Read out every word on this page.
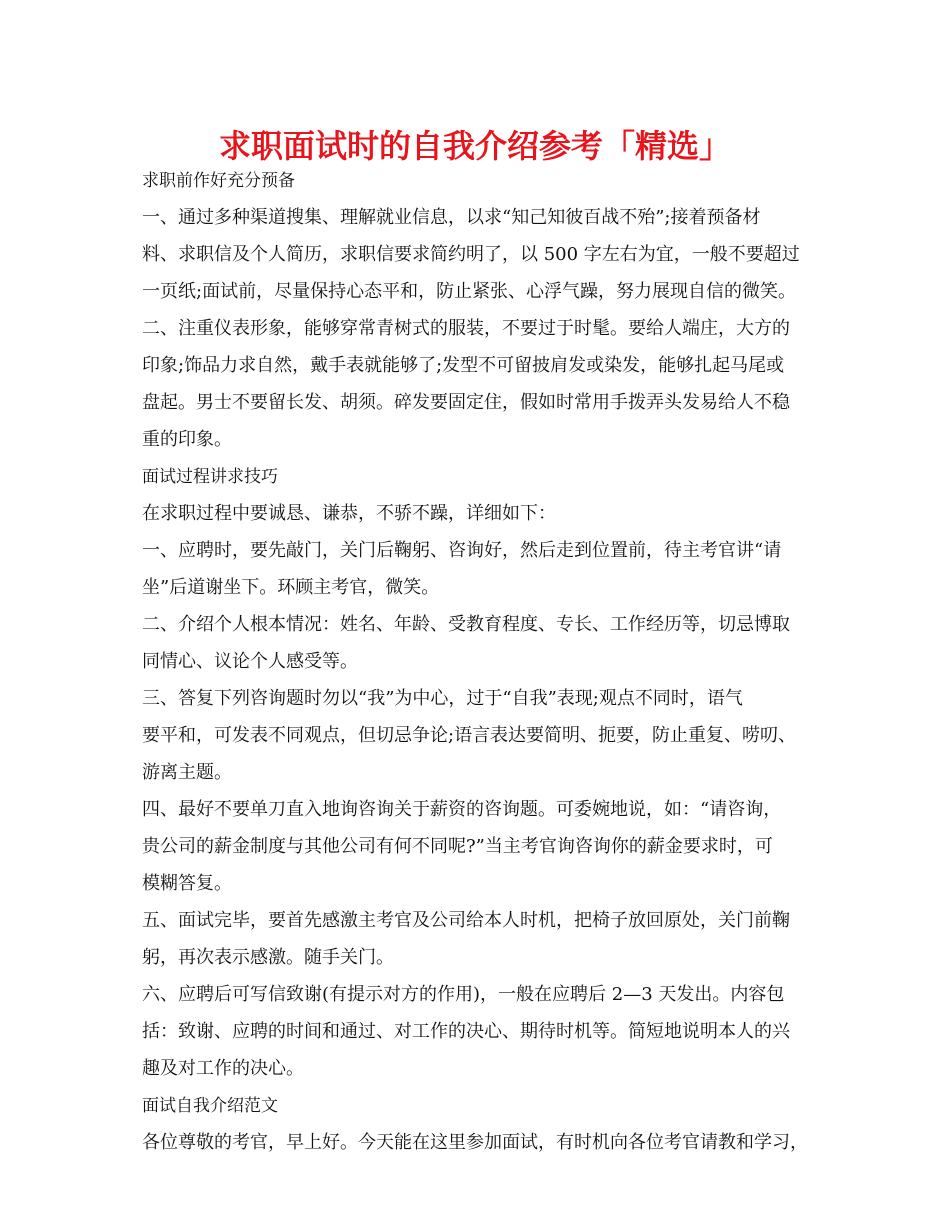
求职面试时的自我介绍参考「精选」

求职前作好充分预备

一、通过多种渠道搜集、理解就业信息，以求“知己知彼百战不殆”;接着预备材

料、求职信及个人简历，求职信要求简约明了，以 500 字左右为宜，一般不要超过

一页纸;面试前，尽量保持心态平和，防止紧张、心浮气躁，努力展现自信的微笑。

二、注重仪表形象，能够穿常青树式的服装，不要过于时髦。要给人端庄，大方的

印象;饰品力求自然，戴手表就能够了;发型不可留披肩发或染发，能够扎起马尾或

盘起。男士不要留长发、胡须。碎发要固定住，假如时常用手拨弄头发易给人不稳

重的印象。

面试过程讲求技巧

在求职过程中要诚恳、谦恭，不骄不躁，详细如下：

一、应聘时，要先敲门，关门后鞠躬、咨询好，然后走到位置前，待主考官讲“请

坐”后道谢坐下。环顾主考官，微笑。

二、介绍个人根本情况：姓名、年龄、受教育程度、专长、工作经历等，切忌博取

同情心、议论个人感受等。

三、答复下列咨询题时勿以“我”为中心，过于“自我”表现;观点不同时，语气

要平和，可发表不同观点，但切忌争论;语言表达要简明、扼要，防止重复、唠叨、

游离主题。

四、最好不要单刀直入地询咨询关于薪资的咨询题。可委婉地说，如：“请咨询，

贵公司的薪金制度与其他公司有何不同呢?”当主考官询咨询你的薪金要求时，可

模糊答复。

五、面试完毕，要首先感激主考官及公司给本人时机，把椅子放回原处，关门前鞠

躬，再次表示感激。随手关门。

六、应聘后可写信致谢(有提示对方的作用)，一般在应聘后 2—3 天发出。内容包

括：致谢、应聘的时间和通过、对工作的决心、期待时机等。简短地说明本人的兴

趣及对工作的决心。

面试自我介绍范文

各位尊敬的考官，早上好。今天能在这里参加面试，有时机向各位考官请教和学习，
